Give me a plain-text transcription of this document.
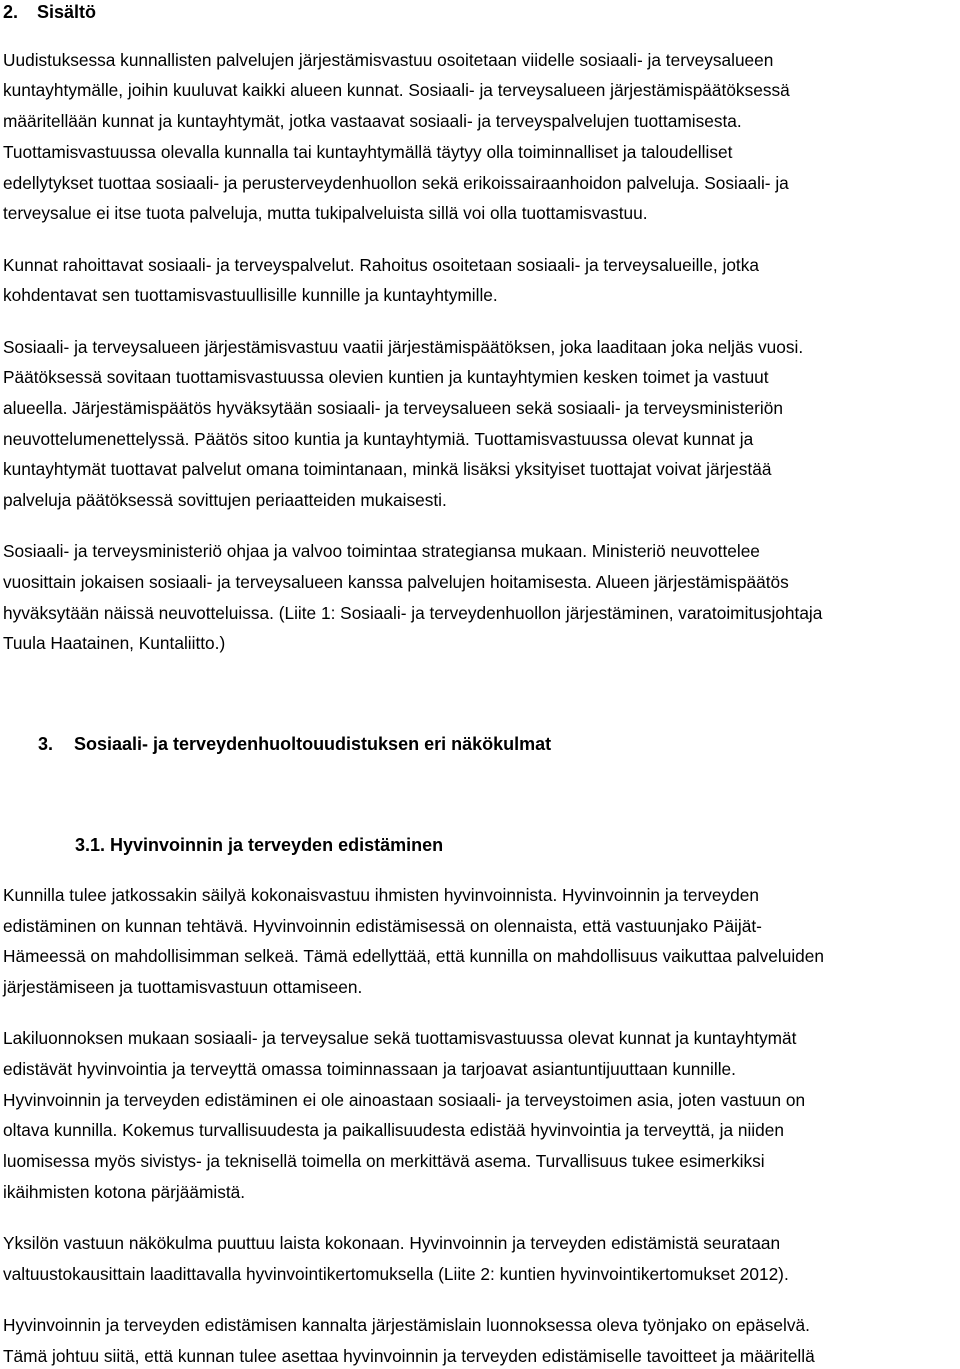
2. Sisältö

Uudistuksessa kunnallisten palvelujen järjestämisvastuu osoitetaan viidelle sosiaali- ja terveysalueen

kuntayhtymälle, joihin kuuluvat kaikki alueen kunnat. Sosiaali- ja terveysalueen järjestämispäätöksessä

määritellään kunnat ja kuntayhtymät, jotka vastaavat sosiaali- ja terveyspalvelujen tuottamisesta.

Tuottamisvastuussa olevalla kunnalla tai kuntayhtymällä täytyy olla toiminnalliset ja taloudelliset

edellytykset tuottaa sosiaali- ja perusterveydenhuollon sekä erikoissairaanhoidon palveluja. Sosiaali- ja

terveysalue ei itse tuota palveluja, mutta tukipalveluista sillä voi olla tuottamisvastuu.

Kunnat rahoittavat sosiaali- ja terveyspalvelut. Rahoitus osoitetaan sosiaali- ja terveysalueille, jotka

kohdentavat sen tuottamisvastuullisille kunnille ja kuntayhtymille.

Sosiaali- ja terveysalueen järjestämisvastuu vaatii järjestämispäätöksen, joka laaditaan joka neljäs vuosi.

Päätöksessä sovitaan tuottamisvastuussa olevien kuntien ja kuntayhtymien kesken toimet ja vastuut

alueella. Järjestämispäätös hyväksytään sosiaali- ja terveysalueen sekä sosiaali- ja terveysministeriön

neuvottelumenettelyssä. Päätös sitoo kuntia ja kuntayhtymiä. Tuottamisvastuussa olevat kunnat ja

kuntayhtymät tuottavat palvelut omana toimintanaan, minkä lisäksi yksityiset tuottajat voivat järjestää

palveluja päätöksessä sovittujen periaatteiden mukaisesti.

Sosiaali- ja terveysministeriö ohjaa ja valvoo toimintaa strategiansa mukaan. Ministeriö neuvottelee

vuosittain jokaisen sosiaali- ja terveysalueen kanssa palvelujen hoitamisesta. Alueen järjestämispäätös

hyväksytään näissä neuvotteluissa. (Liite 1: Sosiaali- ja terveydenhuollon järjestäminen, varatoimitusjohtaja

Tuula Haatainen, Kuntaliitto.)

3. Sosiaali- ja terveydenhuoltouudistuksen eri näkökulmat
3.1. Hyvinvoinnin ja terveyden edistäminen

Kunnilla tulee jatkossakin säilyä kokonaisvastuu ihmisten hyvinvoinnista. Hyvinvoinnin ja terveyden

edistäminen on kunnan tehtävä. Hyvinvoinnin edistämisessä on olennaista, että vastuunjako Päijät-

Hämeessä on mahdollisimman selkeä. Tämä edellyttää, että kunnilla on mahdollisuus vaikuttaa palveluiden

järjestämiseen ja tuottamisvastuun ottamiseen.

Lakiluonnoksen mukaan sosiaali- ja terveysalue sekä tuottamisvastuussa olevat kunnat ja kuntayhtymät

edistävät hyvinvointia ja terveyttä omassa toiminnassaan ja tarjoavat asiantuntijuuttaan kunnille.

Hyvinvoinnin ja terveyden edistäminen ei ole ainoastaan sosiaali- ja terveystoimen asia, joten vastuun on

oltava kunnilla. Kokemus turvallisuudesta ja paikallisuudesta edistää hyvinvointia ja terveyttä, ja niiden

luomisessa myös sivistys- ja teknisellä toimella on merkittävä asema. Turvallisuus tukee esimerkiksi

ikäihmisten kotona pärjäämistä.

Yksilön vastuun näkökulma puuttuu laista kokonaan. Hyvinvoinnin ja terveyden edistämistä seurataan

valtuustokausittain laadittavalla hyvinvointikertomuksella (Liite 2: kuntien hyvinvointikertomukset 2012).

Hyvinvoinnin ja terveyden edistämisen kannalta järjestämislain luonnoksessa oleva työnjako on epäselvä.

Tämä johtuu siitä, että kunnan tulee asettaa hyvinvoinnin ja terveyden edistämiselle tavoitteet ja määritellä
